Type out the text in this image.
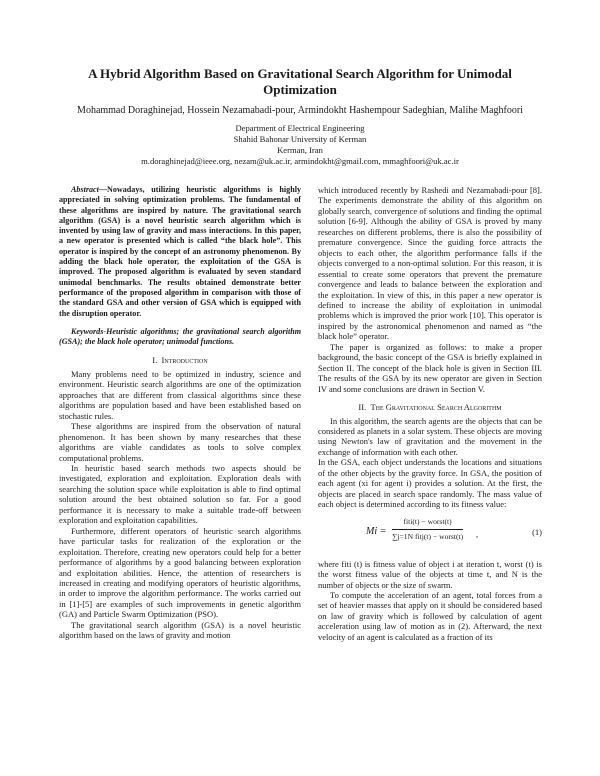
A Hybrid Algorithm Based on Gravitational Search Algorithm for Unimodal
Optimization
Mohammad Doraghinejad, Hossein Nezamabadi-pour, Armindokht Hashempour Sadeghian, Malihe Maghfoori
Department of Electrical Engineering
Shahid Bahonar University of Kerman
Kerman, Iran
m.doraghinejad@ieee.org, nezam@uk.ac.ir, armindokht@gmail.com, mmaghfoori@uk.ac.ir

Abstract—Nowadays, utilizing heuristic algorithms is highly appreciated in solving optimization problems. The fundamental of these algorithms are inspired by nature. The gravitational search algorithm (GSA) is a novel heuristic search algorithm which is invented by using law of gravity and mass interactions. In this paper, a new operator is presented which is called “the black hole”. This operator is inspired by the concept of an astronomy phenomenon. By adding the black hole operator, the exploitation of the GSA is improved. The proposed algorithm is evaluated by seven standard unimodal benchmarks. The results obtained demonstrate better performance of the proposed algorithm in comparison with those of the standard GSA and other version of GSA which is equipped with the disruption operator.

Keywords-Heuristic algorithms; the gravitational search algorithm (GSA); the black hole operator; unimodal functions.

I. Introduction

Many problems need to be optimized in industry, science and environment. Heuristic search algorithms are one of the optimization approaches that are different from classical algorithms since these algorithms are population based and have been established based on stochastic rules.

These algorithms are inspired from the observation of natural phenomenon. It has been shown by many researches that these algorithms are viable candidates as tools to solve complex computational problems.

In heuristic based search methods two aspects should be investigated, exploration and exploitation. Exploration deals with searching the solution space while exploitation is able to find optimal solution around the best obtained solution so far. For a good performance it is necessary to make a suitable trade-off between exploration and exploitation capabilities.

Furthermore, different operators of heuristic search algorithms have particular tasks for realization of the exploration or the exploitation. Therefore, creating new operators could help for a better performance of algorithms by a good balancing between exploration and exploitation abilities. Hence, the attention of researchers is increased in creating and modifying operators of heuristic algorithms, in order to improve the algorithm performance. The works carried out in [1]-[5] are examples of such improvements in genetic algorithm (GA) and Particle Swarm Optimization (PSO).

The gravitational search algorithm (GSA) is a novel heuristic algorithm based on the laws of gravity and motion

which introduced recently by Rashedi and Nezamabadi-pour [8]. The experiments demonstrate the ability of this algorithm on globally search, convergence of solutions and finding the optimal solution [6-9]. Although the ability of GSA is proved by many researches on different problems, there is also the possibility of premature convergence. Since the guiding force attracts the objects to each other, the algorithm performance falls if the objects converged to a non-optimal solution. For this reason, it is essential to create some operators that prevent the premature convergence and leads to balance between the exploration and the exploitation. In view of this, in this paper a new operator is defined to increase the ability of exploitation in unimodal problems which is improved the prior work [10]. This operator is inspired by the astronomical phenomenon and named as “the black hole” operator.

The paper is organized as follows: to make a proper background, the basic concept of the GSA is briefly explained in Section II. The concept of the black hole is given in Section III. The results of the GSA by its new operator are given in Section IV and some conclusions are drawn in Section V.

II. The Gravitational Search Algorithm

In this algorithm, the search agents are the objects that can be considered as planets in a solar system. These objects are moving using Newton's law of gravitation and the movement in the exchange of information with each other.

In the GSA, each object understands the locations and situations of the other objects by the gravity force. In GSA, the position of each agent (xi for agent i) provides a solution. At the first, the objects are placed in search space randomly. The mass value of each object is determined according to its fitness value:

Mi =
fiti(t) − worst(t)
∑j=1N fitj(t) − worst(t) ,	(1)

where fiti (t) is fitness value of object i at iteration t, worst (t) is the worst fitness value of the objects at time t, and N is the number of objects or the size of swarm.

To compute the acceleration of an agent, total forces from a set of heavier masses that apply on it should be considered based on law of gravity which is followed by calculation of agent acceleration using law of motion as in (2). Afterward, the next velocity of an agent is calculated as a fraction of its
